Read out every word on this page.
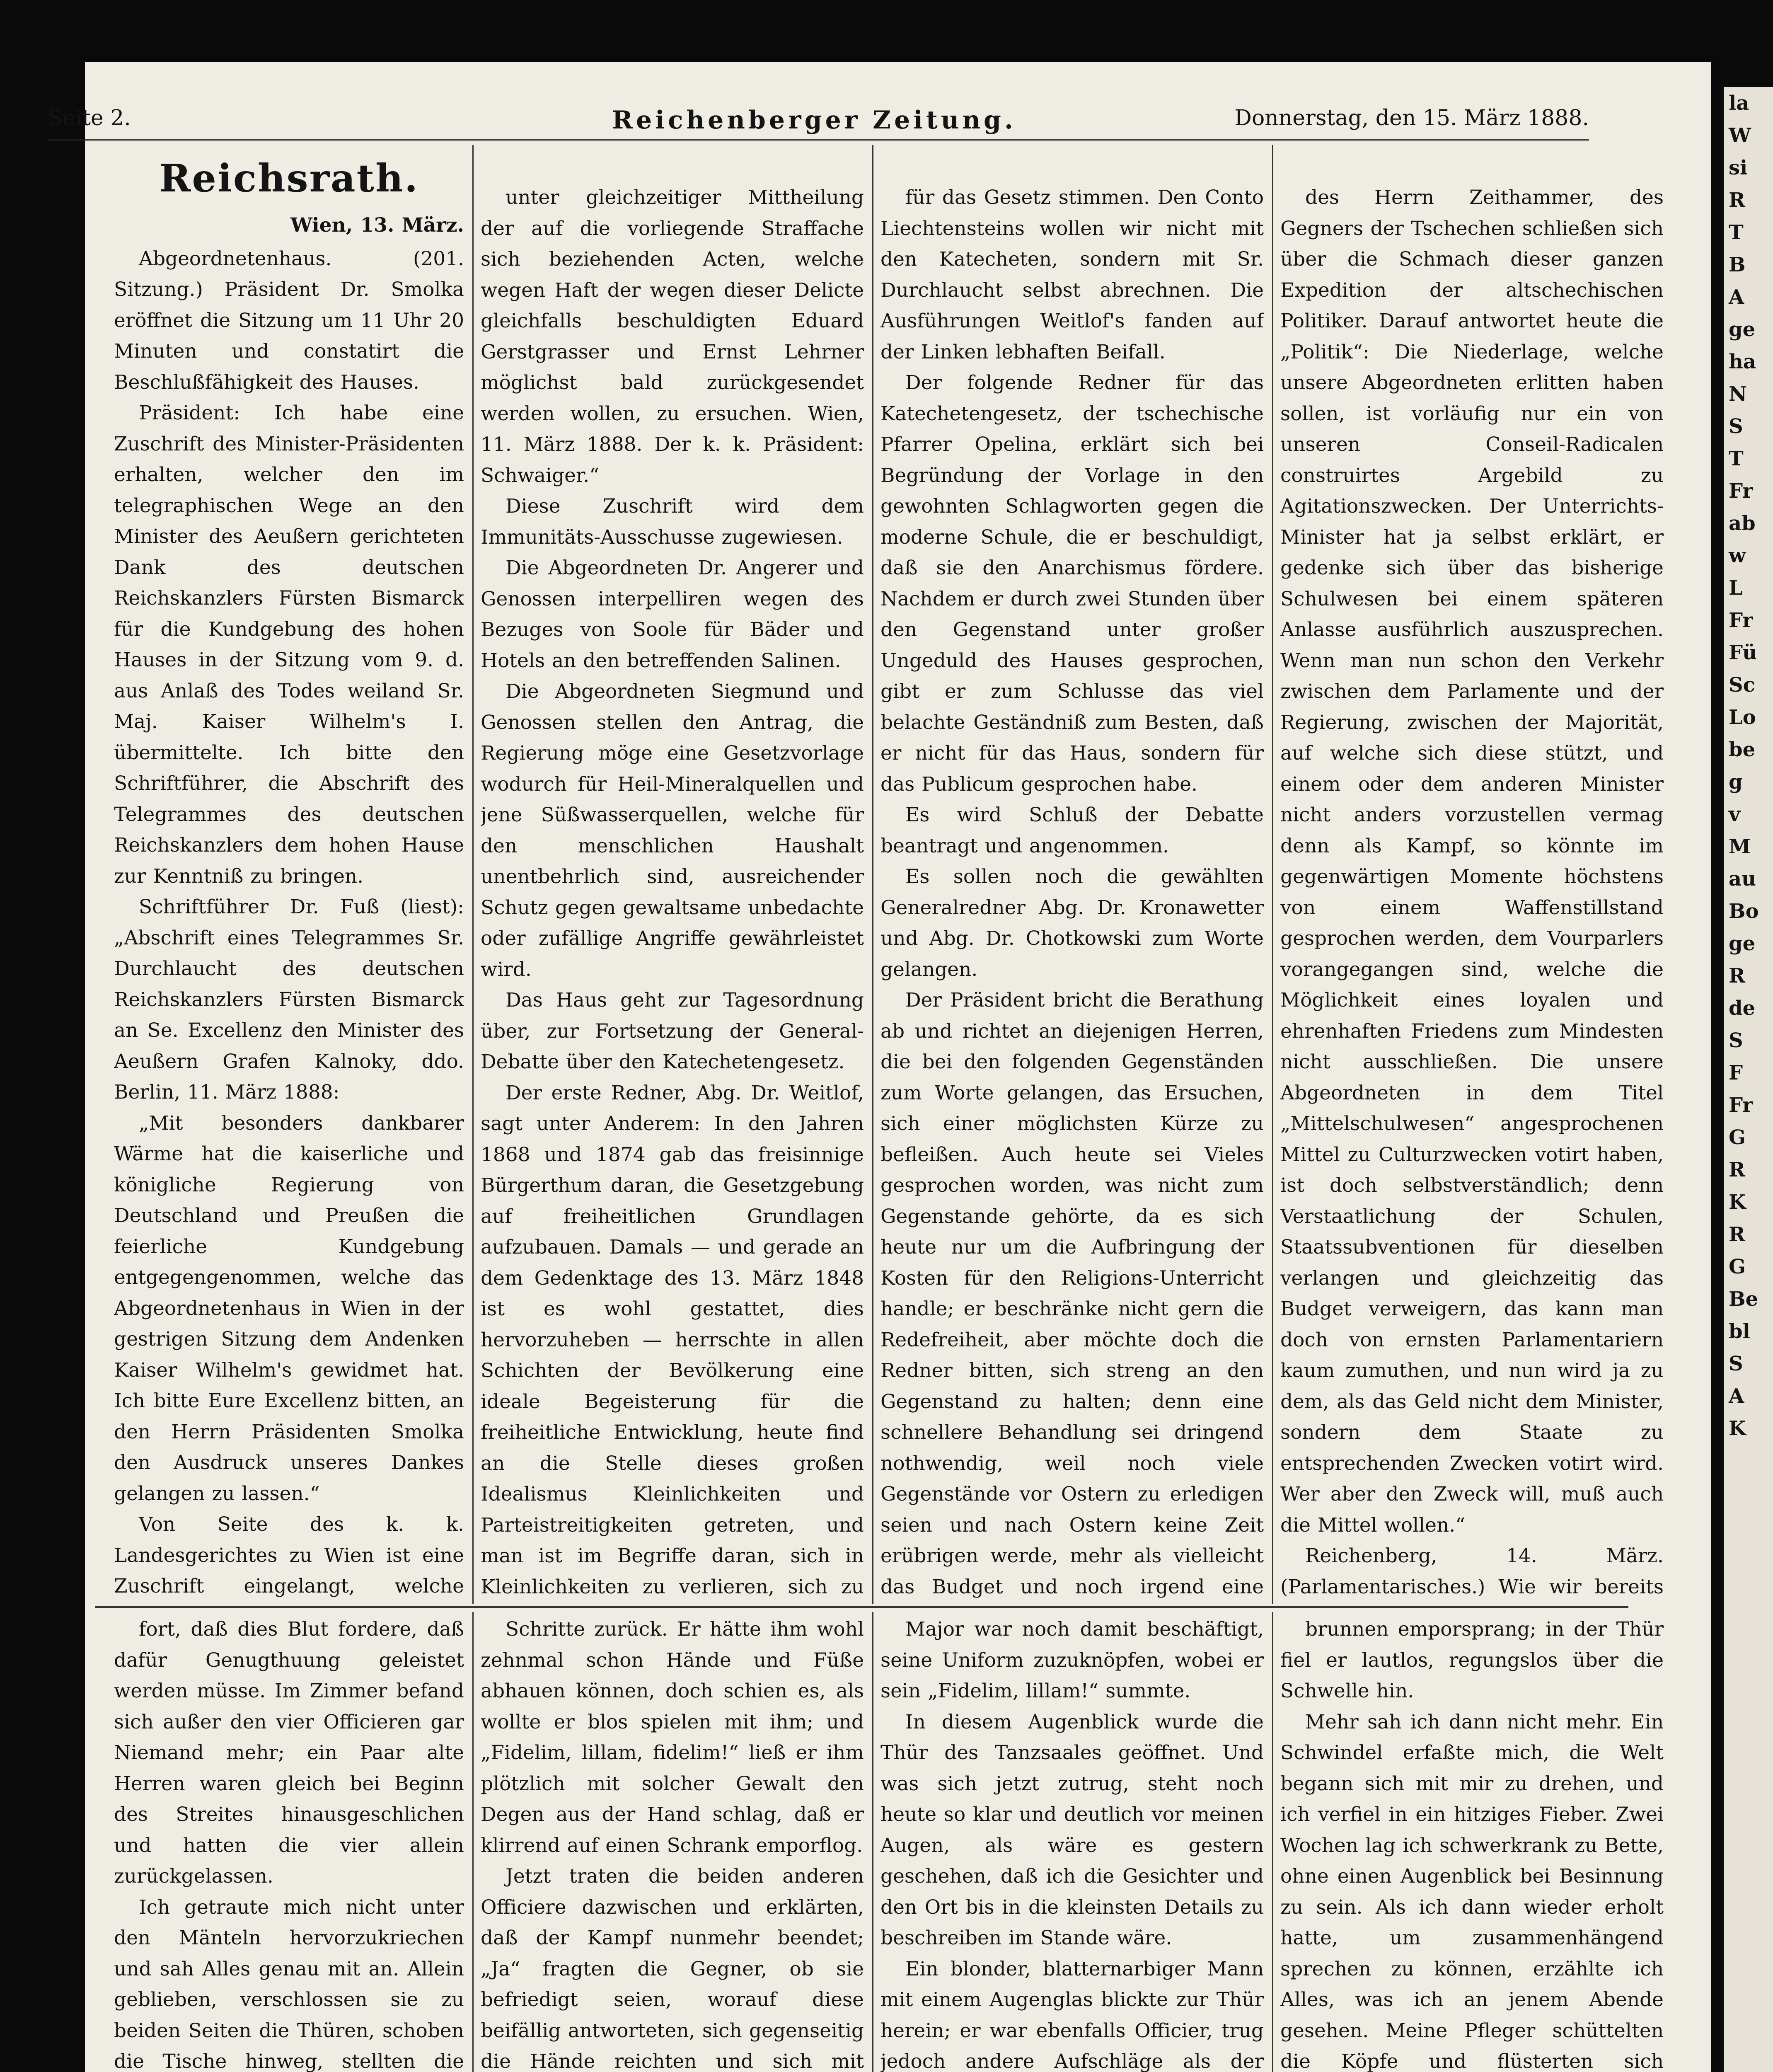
la
W
si
R
T
B
A
ge
ha
N
S
T
Fr
ab
w
L
Fr
Fü
Sc
Lo
be
g
v
M
au
Bo
ge
R
de
S
F
Fr
G
R
K
R
G
Be
bl
S
A
K
Seite 2.	Reichenberger Zeitung.	Donnerstag, den 15. März 1888.
Reichsrath.
Wien, 13. März.

Abgeordnetenhaus. (201. Sitzung.) Präsident Dr. Smolka eröffnet die Sitzung um 11 Uhr 20 Minuten und constatirt die Beschlußfähigkeit des Hauses.

Präsident: Ich habe eine Zuschrift des Minister-Präsidenten erhalten, welcher den im telegraphischen Wege an den Minister des Aeußern gerichteten Dank des deutschen Reichskanzlers Fürsten Bismarck für die Kundgebung des hohen Hauses in der Sitzung vom 9. d. aus Anlaß des Todes weiland Sr. Maj. Kaiser Wilhelm's I. übermittelte. Ich bitte den Schriftführer, die Abschrift des Telegrammes des deutschen Reichskanzlers dem hohen Hause zur Kenntniß zu bringen.

Schriftführer Dr. Fuß (liest): „Abschrift eines Telegrammes Sr. Durchlaucht des deutschen Reichskanzlers Fürsten Bismarck an Se. Excellenz den Minister des Aeußern Grafen Kalnoky, ddo. Berlin, 11. März 1888:

„Mit besonders dankbarer Wärme hat die kaiserliche und königliche Regierung von Deutschland und Preußen die feierliche Kundgebung entgegengenommen, welche das Abgeordnetenhaus in Wien in der gestrigen Sitzung dem Andenken Kaiser Wilhelm's gewidmet hat. Ich bitte Eure Excellenz bitten, an den Herrn Präsidenten Smolka den Ausdruck unseres Dankes gelangen zu lassen.“

Von Seite des k. k. Landesgerichtes zu Wien ist eine Zuschrift eingelangt, welche

unter gleichzeitiger Mittheilung der auf die vorliegende Straffache sich beziehenden Acten, welche wegen Haft der wegen dieser Delicte gleichfalls beschuldigten Eduard Gerstgrasser und Ernst Lehrner möglichst bald zurückgesendet werden wollen, zu ersuchen. Wien, 11. März 1888. Der k. k. Präsident: Schwaiger.“

Diese Zuschrift wird dem Immunitäts-Ausschusse zugewiesen.

Die Abgeordneten Dr. Angerer und Genossen interpelliren wegen des Bezuges von Soole für Bäder und Hotels an den betreffenden Salinen.

Die Abgeordneten Siegmund und Genossen stellen den Antrag, die Regierung möge eine Gesetzvorlage wodurch für Heil-Mineralquellen und jene Süßwasserquellen, welche für den menschlichen Haushalt unentbehrlich sind, ausreichender Schutz gegen gewaltsame unbedachte oder zufällige Angriffe gewährleistet wird.

Das Haus geht zur Tagesordnung über, zur Fortsetzung der General-Debatte über den Katechetengesetz.

Der erste Redner, Abg. Dr. Weitlof, sagt unter Anderem: In den Jahren 1868 und 1874 gab das freisinnige Bürgerthum daran, die Gesetzgebung auf freiheitlichen Grundlagen aufzubauen. Damals — und gerade an dem Gedenktage des 13. März 1848 ist es wohl gestattet, dies hervorzuheben — herrschte in allen Schichten der Bevölkerung eine ideale Begeisterung für die freiheitliche Entwicklung, heute find an die Stelle dieses großen Idealismus Kleinlichkeiten und Parteistreitigkeiten getreten, und man ist im Begriffe daran, sich in Kleinlichkeiten zu verlieren, sich zu

für das Gesetz stimmen. Den Conto Liechtensteins wollen wir nicht mit den Katecheten, sondern mit Sr. Durchlaucht selbst abrechnen. Die Ausführungen Weitlof's fanden auf der Linken lebhaften Beifall.

Der folgende Redner für das Katechetengesetz, der tschechische Pfarrer Opelina, erklärt sich bei Begründung der Vorlage in den gewohnten Schlagworten gegen die moderne Schule, die er beschuldigt, daß sie den Anarchismus fördere. Nachdem er durch zwei Stunden über den Gegenstand unter großer Ungeduld des Hauses gesprochen, gibt er zum Schlusse das viel belachte Geständniß zum Besten, daß er nicht für das Haus, sondern für das Publicum gesprochen habe.

Es wird Schluß der Debatte beantragt und angenommen.

Es sollen noch die gewählten Generalredner Abg. Dr. Kronawetter und Abg. Dr. Chotkowski zum Worte gelangen.

Der Präsident bricht die Berathung ab und richtet an diejenigen Herren, die bei den folgenden Gegenständen zum Worte gelangen, das Ersuchen, sich einer möglichsten Kürze zu befleißen. Auch heute sei Vieles gesprochen worden, was nicht zum Gegenstande gehörte, da es sich heute nur um die Aufbringung der Kosten für den Religions-Unterricht handle; er beschränke nicht gern die Redefreiheit, aber möchte doch die Redner bitten, sich streng an den Gegenstand zu halten; denn eine schnellere Behandlung sei dringend nothwendig, weil noch viele Gegenstände vor Ostern zu erledigen seien und nach Ostern keine Zeit erübrigen werde, mehr als vielleicht das Budget und noch irgend eine

des Herrn Zeithammer, des Gegners der Tschechen schließen sich über die Schmach dieser ganzen Expedition der altschechischen Politiker. Darauf antwortet heute die „Politik“: Die Niederlage, welche unsere Abgeordneten erlitten haben sollen, ist vorläufig nur ein von unseren Conseil-Radicalen construirtes Argebild zu Agitationszwecken. Der Unterrichts-Minister hat ja selbst erklärt, er gedenke sich über das bisherige Schulwesen bei einem späteren Anlasse ausführlich auszusprechen. Wenn man nun schon den Verkehr zwischen dem Parlamente und der Regierung, zwischen der Majorität, auf welche sich diese stützt, und einem oder dem anderen Minister nicht anders vorzustellen vermag denn als Kampf, so könnte im gegenwärtigen Momente höchstens von einem Waffenstillstand gesprochen werden, dem Vourparlers vorangegangen sind, welche die Möglichkeit eines loyalen und ehrenhaften Friedens zum Mindesten nicht ausschließen. Die unsere Abgeordneten in dem Titel „Mittelschulwesen“ angesprochenen Mittel zu Culturzwecken votirt haben, ist doch selbstverständlich; denn Verstaatlichung der Schulen, Staatssubventionen für dieselben verlangen und gleichzeitig das Budget verweigern, das kann man doch von ernsten Parlamentariern kaum zumuthen, und nun wird ja zu dem, als das Geld nicht dem Minister, sondern dem Staate zu entsprechenden Zwecken votirt wird. Wer aber den Zweck will, muß auch die Mittel wollen.“

Reichenberg, 14. März. (Parlamentarisches.) Wie wir bereits

fort, daß dies Blut fordere, daß dafür Genugthuung geleistet werden müsse. Im Zimmer befand sich außer den vier Officieren gar Niemand mehr; ein Paar alte Herren waren gleich bei Beginn des Streites hinausgeschlichen und hatten die vier allein zurückgelassen.

Ich getraute mich nicht unter den Mänteln hervorzukriechen und sah Alles genau mit an. Allein geblieben, verschlossen sie zu beiden Seiten die Thüren, schoben die Tische hinweg, stellten die

Schritte zurück. Er hätte ihm wohl zehnmal schon Hände und Füße abhauen können, doch schien es, als wollte er blos spielen mit ihm; und „Fidelim, lillam, fidelim!“ ließ er ihm plötzlich mit solcher Gewalt den Degen aus der Hand schlag, daß er klirrend auf einen Schrank emporflog.

Jetzt traten die beiden anderen Officiere dazwischen und erklärten, daß der Kampf nunmehr beendet; „Ja“ fragten die Gegner, ob sie befriedigt seien, worauf diese beifällig antworteten, sich gegenseitig die Hände reichten und sich mit

Major war noch damit beschäftigt, seine Uniform zuzuknöpfen, wobei er sein „Fidelim, lillam!“ summte.

In diesem Augenblick wurde die Thür des Tanzsaales geöffnet. Und was sich jetzt zutrug, steht noch heute so klar und deutlich vor meinen Augen, als wäre es gestern geschehen, daß ich die Gesichter und den Ort bis in die kleinsten Details zu beschreiben im Stande wäre.

Ein blonder, blatternarbiger Mann mit einem Augenglas blickte zur Thür herein; er war ebenfalls Officier, trug jedoch andere Aufschläge als der

brunnen emporsprang; in der Thür fiel er lautlos, regungslos über die Schwelle hin.

Mehr sah ich dann nicht mehr. Ein Schwindel erfaßte mich, die Welt begann sich mit mir zu drehen, und ich verfiel in ein hitziges Fieber. Zwei Wochen lag ich schwerkrank zu Bette, ohne einen Augenblick bei Besinnung zu sein. Als ich dann wieder erholt hatte, um zusammenhängend sprechen zu können, erzählte ich Alles, was ich an jenem Abende gesehen. Meine Pfleger schüttelten die Köpfe und flüsterten sich
